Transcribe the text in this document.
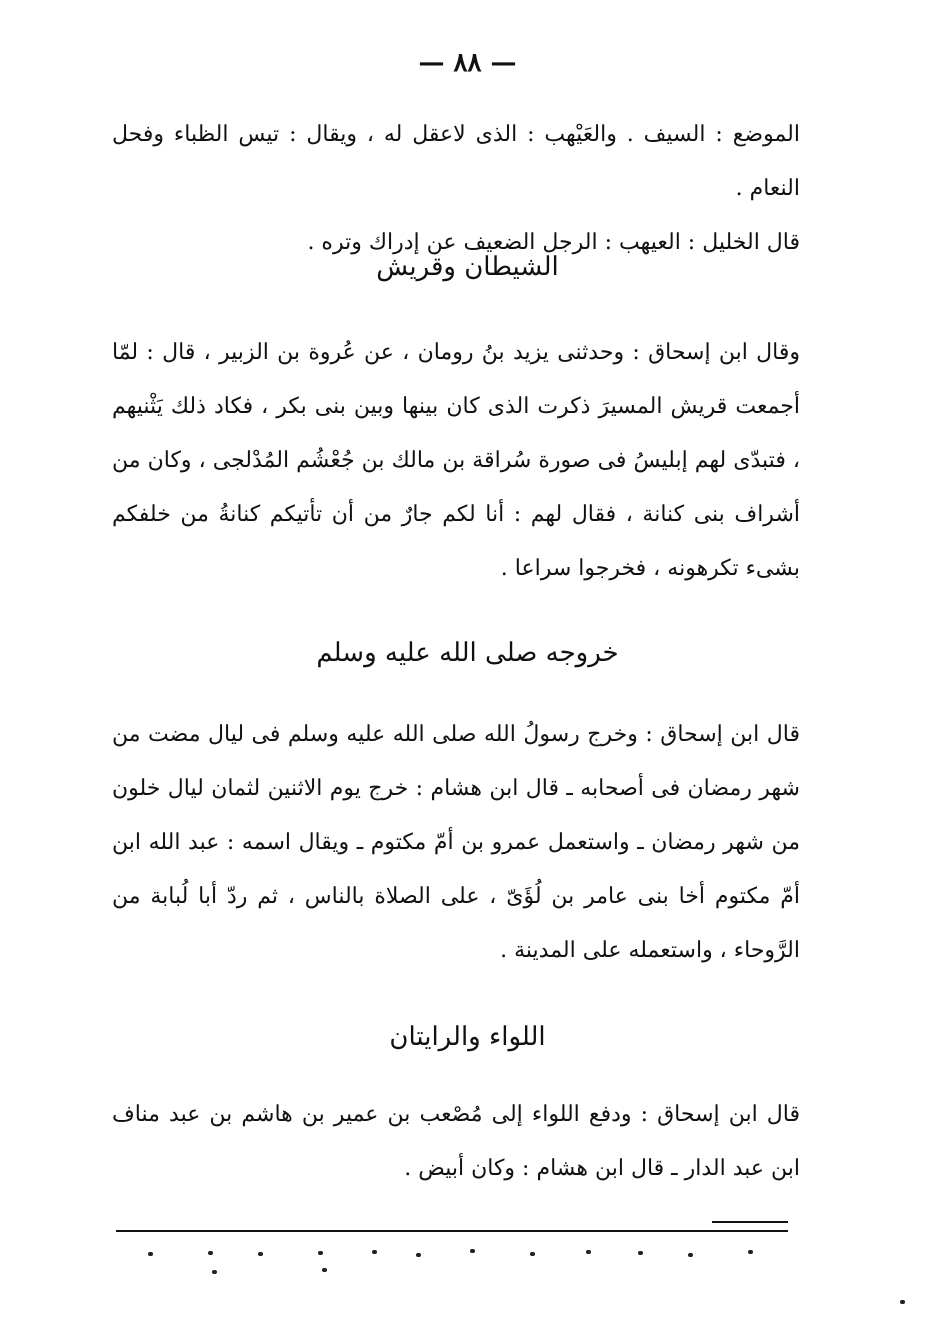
— ٨٨ —

الموضع : السيف . والعَيْهب : الذى لاعقل له ، ويقال : تيس الظباء وفحل النعام .

قال الخليل : العيهب : الرجل الضعيف عن إدراك وتره .

الشيطان وقريش

وقال ابن إسحاق : وحدثنى يزيد بنُ رومان ، عن عُروة بن الزبير ، قال : لمّا أجمعت قريش المسيرَ ذكرت الذى كان بينها وبين بنى بكر ، فكاد ذلك يَثْنيهم ، فتبدّى لهم إبليسُ فى صورة سُراقة بن مالك بن جُعْشُم المُدْلجى ، وكان من أشراف بنى كنانة ، فقال لهم : أنا لكم جارٌ من أن تأتيكم كنانةُ من خلفكم بشىء تكرهونه ، فخرجوا سراعا .

خروجه صلى الله عليه وسلم

قال ابن إسحاق : وخرج رسولُ الله صلى الله عليه وسلم فى ليال مضت من شهر رمضان فى أصحابه ـ قال ابن هشام : خرج يوم الاثنين لثمان ليال خلون من شهر رمضان ـ واستعمل عمرو بن أمّ مكتوم ـ ويقال اسمه : عبد الله ابن أمّ مكتوم أخا بنى عامر بن لُؤَىّ ، على الصلاة بالناس ، ثم ردّ أبا لُبابة من الرَّوحاء ، واستعمله على المدينة .

اللواء والرايتان

قال ابن إسحاق : ودفع اللواء إلى مُصْعب بن عمير بن هاشم بن عبد مناف ابن عبد الدار ـ قال ابن هشام : وكان أبيض .
